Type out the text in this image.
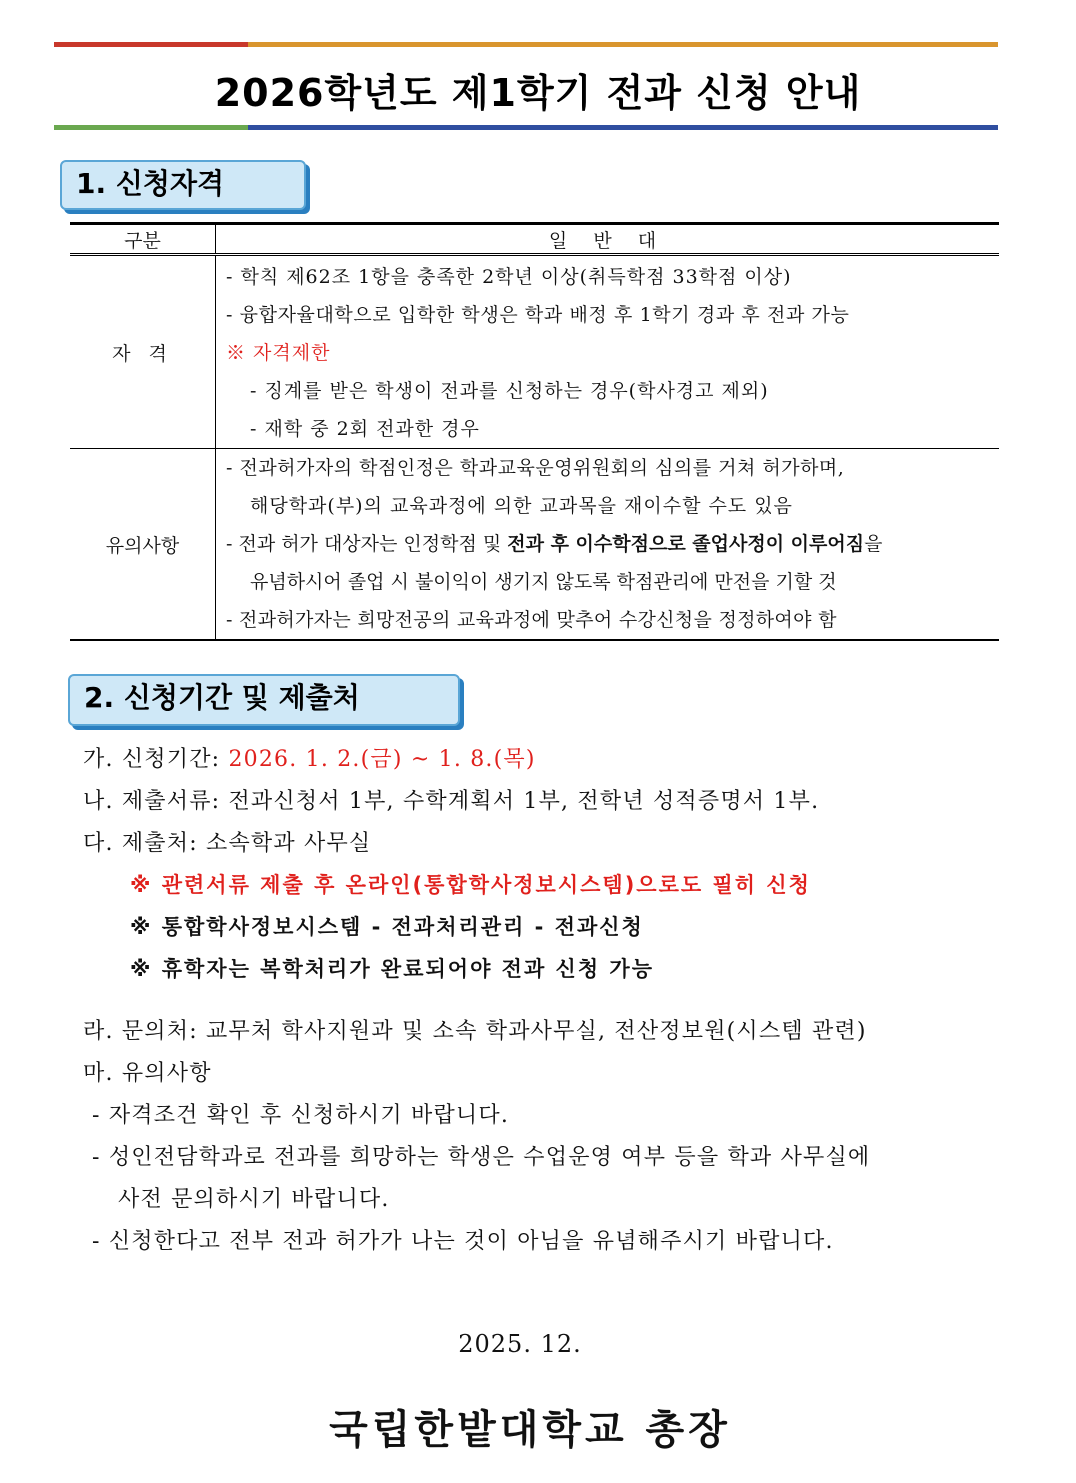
2026학년도 제1학기 전과 신청 안내
1. 신청자격
구분	일 반 대
자 격	- 학칙 제62조 1항을 충족한 2학년 이상(취득학점 33학점 이상)
- 융합자율대학으로 입학한 학생은 학과 배정 후 1학기 경과 후 전과 가능
※ 자격제한
- 징계를 받은 학생이 전과를 신청하는 경우(학사경고 제외)
- 재학 중 2회 전과한 경우

유의사항	- 전과허가자의 학점인정은 학과교육운영위원회의 심의를 거쳐 허가하며,
해당학과(부)의 교육과정에 의한 교과목을 재이수할 수도 있음
- 전과 허가 대상자는 인정학점 및 전과 후 이수학점으로 졸업사정이 이루어짐을
유념하시어 졸업 시 불이익이 생기지 않도록 학점관리에 만전을 기할 것
- 전과허가자는 희망전공의 교육과정에 맞추어 수강신청을 정정하여야 함
2. 신청기간 및 제출처
가. 신청기간: 2026. 1. 2.(금) ~ 1. 8.(목)
나. 제출서류: 전과신청서 1부, 수학계획서 1부, 전학년 성적증명서 1부.
다. 제출처: 소속학과 사무실
※ 관련서류 제출 후 온라인(통합학사정보시스템)으로도 필히 신청
※ 통합학사정보시스템 - 전과처리관리 - 전과신청
※ 휴학자는 복학처리가 완료되어야 전과 신청 가능
라. 문의처: 교무처 학사지원과 및 소속 학과사무실, 전산정보원(시스템 관련)
마. 유의사항
- 자격조건 확인 후 신청하시기 바랍니다.
- 성인전담학과로 전과를 희망하는 학생은 수업운영 여부 등을 학과 사무실에
사전 문의하시기 바랍니다.
- 신청한다고 전부 전과 허가가 나는 것이 아님을 유념해주시기 바랍니다.
2025. 12.
국립한밭대학교 총장
